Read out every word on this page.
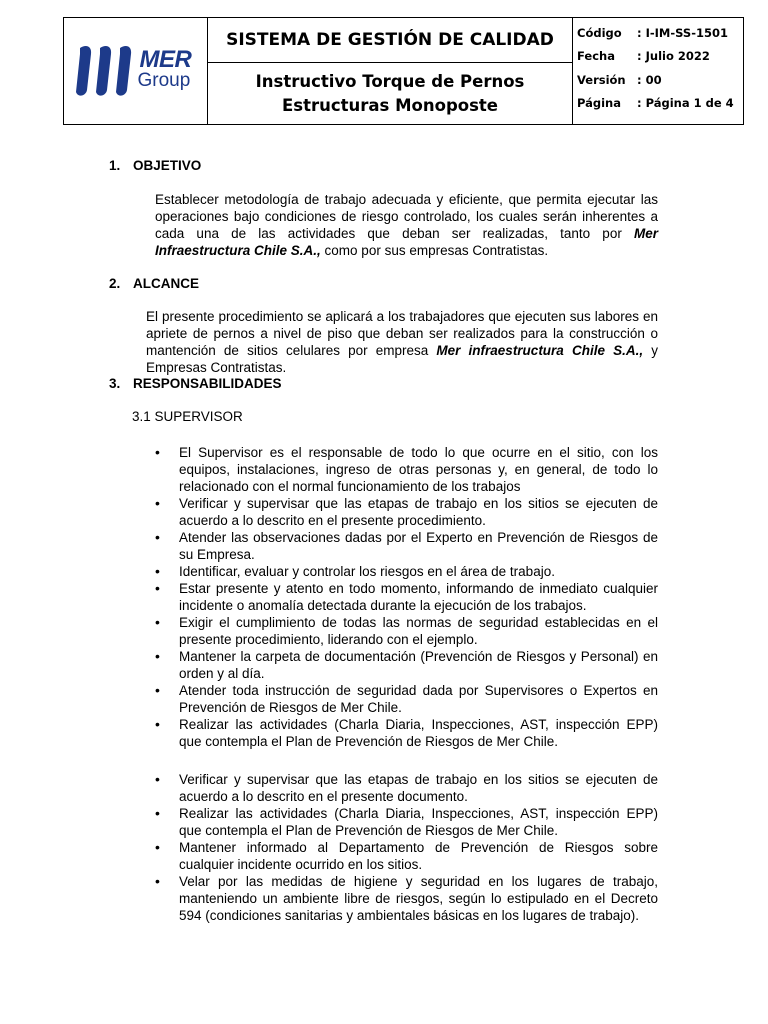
MER
Group
SISTEMA DE GESTIÓN DE CALIDAD
Instructivo Torque de Pernos Estructuras Monoposte
Código	: I-IM-SS-1501
Fecha	: Julio 2022
Versión : 00
Página	: Página 1 de 4
1. OBJETIVO
Establecer metodología de trabajo adecuada y eficiente, que permita ejecutar las operaciones bajo condiciones de riesgo controlado, los cuales serán inherentes a cada una de las actividades que deban ser realizadas, tanto por Mer Infraestructura Chile S.A., como por sus empresas Contratistas.
2. ALCANCE
El presente procedimiento se aplicará a los trabajadores que ejecuten sus labores en apriete de pernos a nivel de piso que deban ser realizados para la construcción o mantención de sitios celulares por empresa Mer infraestructura Chile S.A., y Empresas Contratistas.
3. RESPONSABILIDADES
3.1 SUPERVISOR
• El Supervisor es el responsable de todo lo que ocurre en el sitio, con los equipos, instalaciones, ingreso de otras personas y, en general, de todo lo relacionado con el normal funcionamiento de los trabajos
• Verificar y supervisar que las etapas de trabajo en los sitios se ejecuten de acuerdo a lo descrito en el presente procedimiento.
• Atender las observaciones dadas por el Experto en Prevención de Riesgos de su Empresa.
• Identificar, evaluar y controlar los riesgos en el área de trabajo.
• Estar presente y atento en todo momento, informando de inmediato cualquier incidente o anomalía detectada durante la ejecución de los trabajos.
• Exigir el cumplimiento de todas las normas de seguridad establecidas en el presente procedimiento, liderando con el ejemplo.
• Mantener la carpeta de documentación (Prevención de Riesgos y Personal) en orden y al día.
• Atender toda instrucción de seguridad dada por Supervisores o Expertos en Prevención de Riesgos de Mer Chile.
• Realizar las actividades (Charla Diaria, Inspecciones, AST, inspección EPP) que contempla el Plan de Prevención de Riesgos de Mer Chile.
• Verificar y supervisar que las etapas de trabajo en los sitios se ejecuten de acuerdo a lo descrito en el presente documento.
• Realizar las actividades (Charla Diaria, Inspecciones, AST, inspección EPP) que contempla el Plan de Prevención de Riesgos de Mer Chile.
• Mantener informado al Departamento de Prevención de Riesgos sobre cualquier incidente ocurrido en los sitios.
• Velar por las medidas de higiene y seguridad en los lugares de trabajo, manteniendo un ambiente libre de riesgos, según lo estipulado en el Decreto 594 (condiciones sanitarias y ambientales básicas en los lugares de trabajo).
